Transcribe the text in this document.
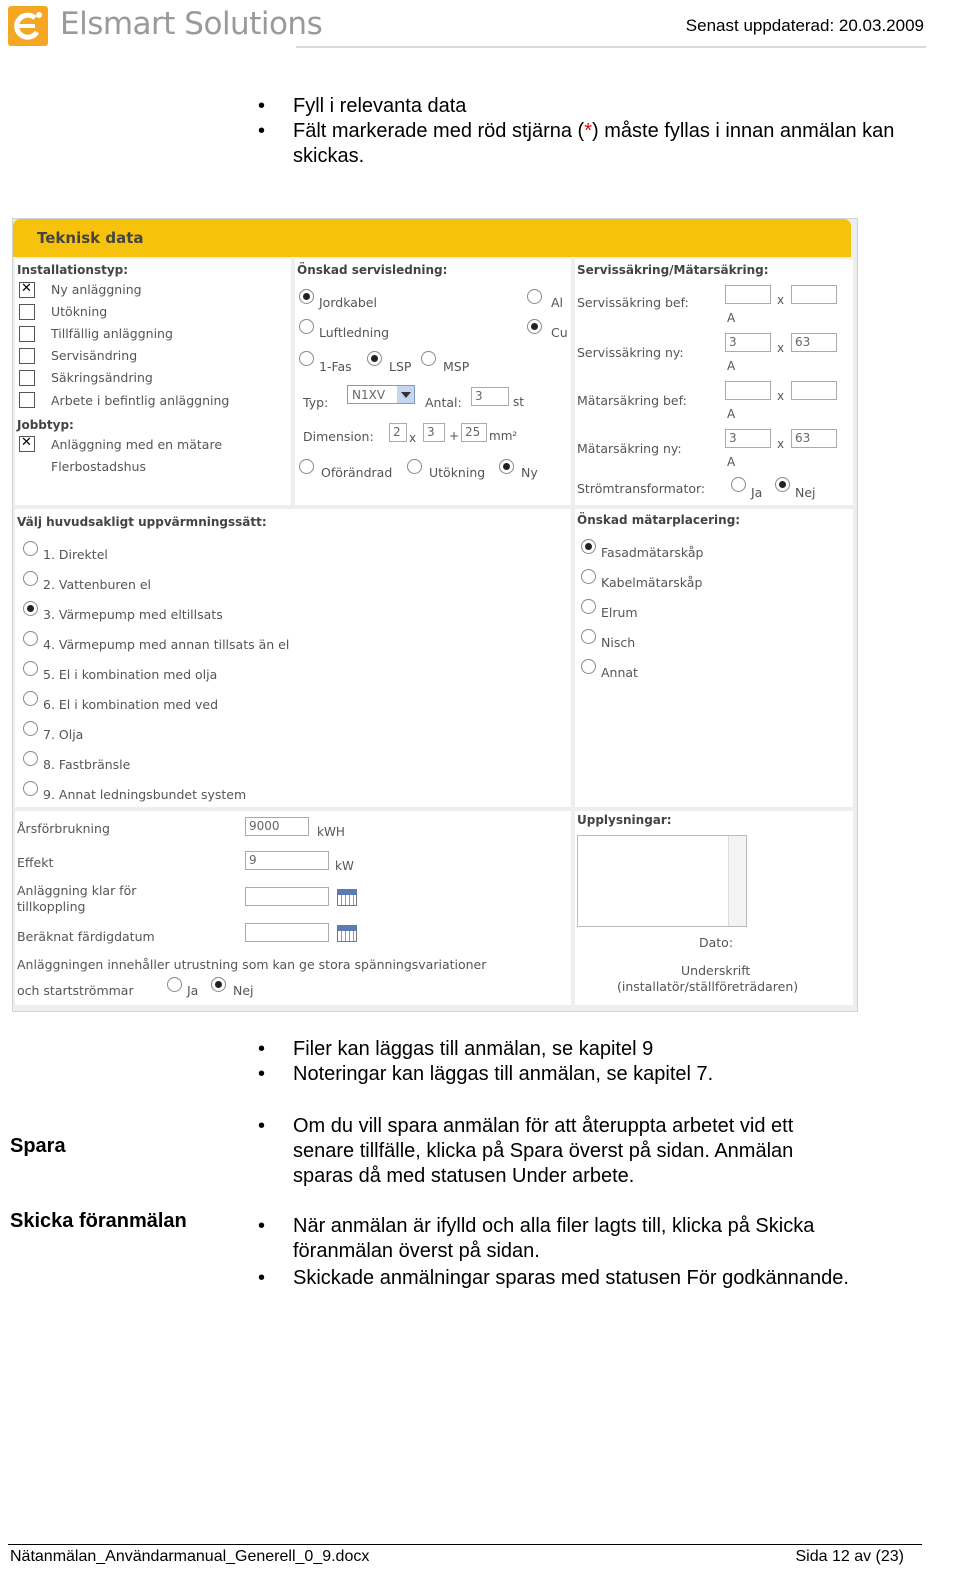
Elsmart Solutions	Senast uppdaterad: 20.03.2009
• Fyll i relevanta data
• Fält markerade med röd stjärna (*) måste fyllas i innan anmälan kan skickas.
Teknisk data
Installationstyp:
✕
Ny anläggning
Utökning
Tillfällig anläggning
Servisändring
Säkringsändring
Arbete i befintlig anläggning
Jobbtyp:
✕
Anläggning med en mätare
Flerbostadshus
Önskad servisledning:
Jordkabel	Al
Luftledning	Cu
1-Fas	LSP	MSP
Typ:	N1XV	Antal:	3	st
Dimension:	2 x 3	+ 25 mm²
Oförändrad	Utökning	Ny
Servissäkring/Mätarsäkring:
Servissäkring bef:	x
A
Servissäkring ny:
3	x 63
A
Mätarsäkring bef:	x
A
Mätarsäkring ny:
3	x 63
A
Strömtransformator:	Ja	Nej
Välj huvudsakligt uppvärmningssätt:
1. Direktel
2. Vattenburen el
3. Värmepump med eltillsats
4. Värmepump med annan tillsats än el
5. El i kombination med olja
6. El i kombination med ved
7. Olja
8. Fastbränsle
9. Annat ledningsbundet system
Önskad mätarplacering:
Fasadmätarskåp
Kabelmätarskåp
Elrum
Nisch
Annat
Årsförbrukning	9000	kWH
Effekt	9	kW
Anläggning klar för
tillkoppling
Beräknat färdigdatum
Anläggningen innehåller utrustning som kan ge stora spänningsvariationer
och startströmmar	Ja	Nej
Upplysningar:
Dato:
Underskrift
(installatör/ställföreträdaren)
• Filer kan läggas till anmälan, se kapitel 9
• Noteringar kan läggas till anmälan, se kapitel 7.
Spara
• Om du vill spara anmälan för att återuppta arbetet vid ett senare tillfälle, klicka på Spara överst på sidan. Anmälan sparas då med statusen Under arbete.
Skicka föranmälan
•	När anmälan är ifylld och alla filer lagts till, klicka på Skicka föranmälan överst på sidan.
• Skickade anmälningar sparas med statusen För godkännande.
Nätanmälan_Användarmanual_Generell_0_9.docx	Sida 12 av (23)
